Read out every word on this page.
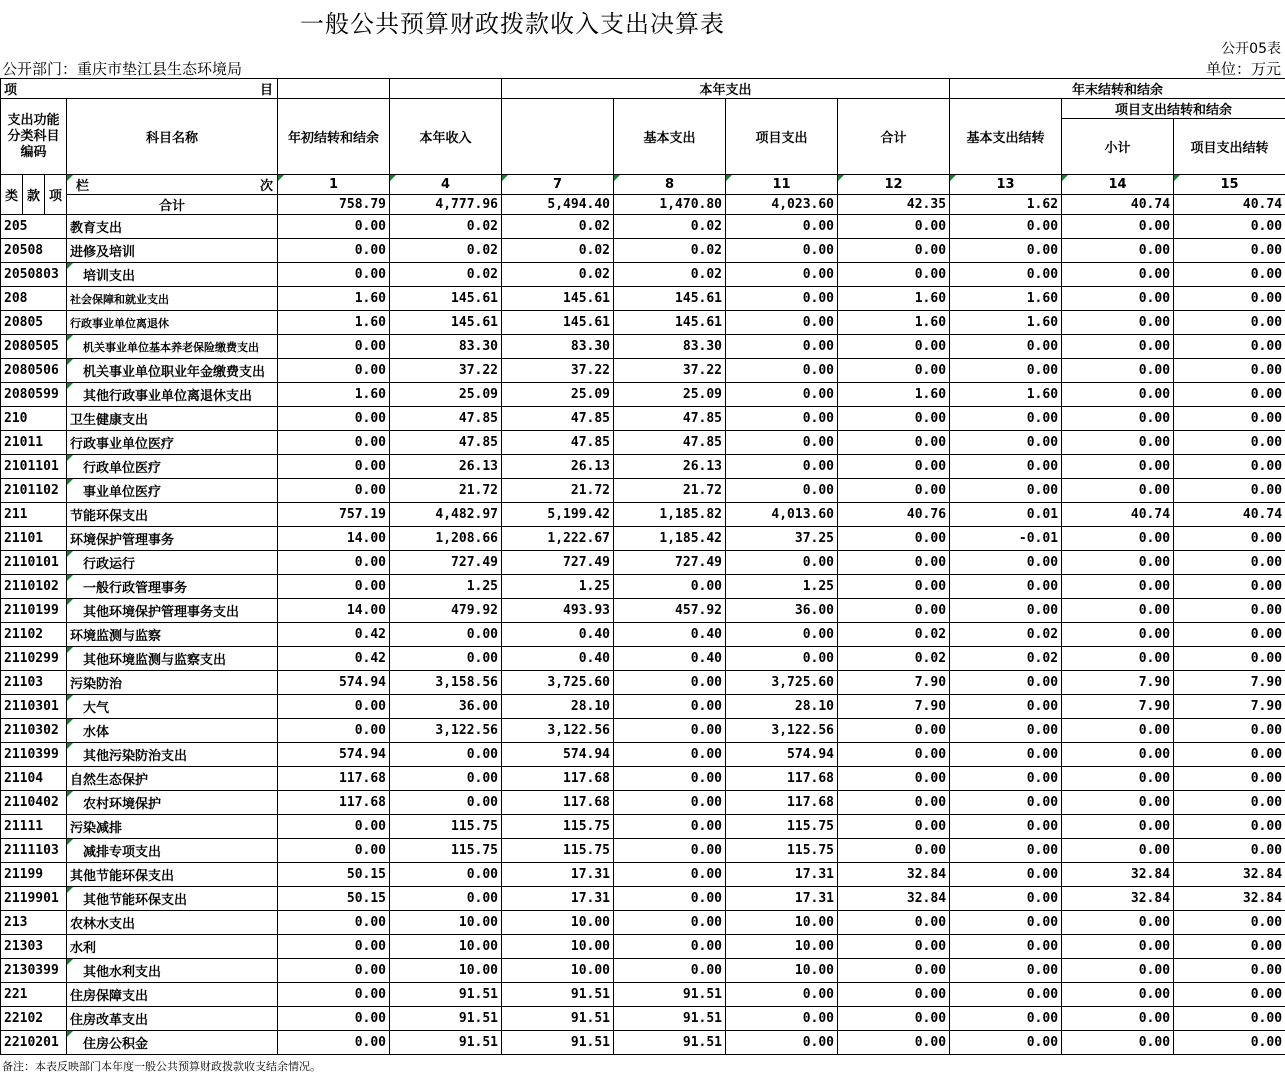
一般公共预算财政拨款收入支出决算表
公开05表
公开部门：重庆市垫江县生态环境局	单位：万元
项 目						本年支出				年末结转和结余		

支出功能分类科目编码			科目名称	年初结转和结余	本年收入		基本支出	项目支出	合计	基本支出结转	项目支出结转和结余	
											小计	项目支出结转
类	款	项	栏 次	1	4	7	8	11	12	13	14	15
			合计	758.79	4,777.96	5,494.40	1,470.80	4,023.60	42.35	1.62	40.74	40.74
205			教育支出	0.00	0.02	0.02	0.02	0.00	0.00	0.00	0.00	0.00
20508			进修及培训	0.00	0.02	0.02	0.02	0.00	0.00	0.00	0.00	0.00
2050803			培训支出	0.00	0.02	0.02	0.02	0.00	0.00	0.00	0.00	0.00
208			社会保障和就业支出	1.60	145.61	145.61	145.61	0.00	1.60	1.60	0.00	0.00
20805			行政事业单位离退休	1.60	145.61	145.61	145.61	0.00	1.60	1.60	0.00	0.00
2080505			机关事业单位基本养老保险缴费支出	0.00	83.30	83.30	83.30	0.00	0.00	0.00	0.00	0.00
2080506			机关事业单位职业年金缴费支出	0.00	37.22	37.22	37.22	0.00	0.00	0.00	0.00	0.00
2080599			其他行政事业单位离退休支出	1.60	25.09	25.09	25.09	0.00	1.60	1.60	0.00	0.00
210			卫生健康支出	0.00	47.85	47.85	47.85	0.00	0.00	0.00	0.00	0.00
21011			行政事业单位医疗	0.00	47.85	47.85	47.85	0.00	0.00	0.00	0.00	0.00
2101101			行政单位医疗	0.00	26.13	26.13	26.13	0.00	0.00	0.00	0.00	0.00
2101102			事业单位医疗	0.00	21.72	21.72	21.72	0.00	0.00	0.00	0.00	0.00
211			节能环保支出	757.19	4,482.97	5,199.42	1,185.82	4,013.60	40.76	0.01	40.74	40.74
21101			环境保护管理事务	14.00	1,208.66	1,222.67	1,185.42	37.25	0.00	-0.01	0.00	0.00
2110101			行政运行	0.00	727.49	727.49	727.49	0.00	0.00	0.00	0.00	0.00
2110102			一般行政管理事务	0.00	1.25	1.25	0.00	1.25	0.00	0.00	0.00	0.00
2110199			其他环境保护管理事务支出	14.00	479.92	493.93	457.92	36.00	0.00	0.00	0.00	0.00
21102			环境监测与监察	0.42	0.00	0.40	0.40	0.00	0.02	0.02	0.00	0.00
2110299			其他环境监测与监察支出	0.42	0.00	0.40	0.40	0.00	0.02	0.02	0.00	0.00
21103			污染防治	574.94	3,158.56	3,725.60	0.00	3,725.60	7.90	0.00	7.90	7.90
2110301			大气	0.00	36.00	28.10	0.00	28.10	7.90	0.00	7.90	7.90
2110302			水体	0.00	3,122.56	3,122.56	0.00	3,122.56	0.00	0.00	0.00	0.00
2110399			其他污染防治支出	574.94	0.00	574.94	0.00	574.94	0.00	0.00	0.00	0.00
21104			自然生态保护	117.68	0.00	117.68	0.00	117.68	0.00	0.00	0.00	0.00
2110402			农村环境保护	117.68	0.00	117.68	0.00	117.68	0.00	0.00	0.00	0.00
21111			污染减排	0.00	115.75	115.75	0.00	115.75	0.00	0.00	0.00	0.00
2111103			减排专项支出	0.00	115.75	115.75	0.00	115.75	0.00	0.00	0.00	0.00
21199			其他节能环保支出	50.15	0.00	17.31	0.00	17.31	32.84	0.00	32.84	32.84
2119901			其他节能环保支出	50.15	0.00	17.31	0.00	17.31	32.84	0.00	32.84	32.84
213			农林水支出	0.00	10.00	10.00	0.00	10.00	0.00	0.00	0.00	0.00
21303			水利	0.00	10.00	10.00	0.00	10.00	0.00	0.00	0.00	0.00
2130399			其他水利支出	0.00	10.00	10.00	0.00	10.00	0.00	0.00	0.00	0.00
221			住房保障支出	0.00	91.51	91.51	91.51	0.00	0.00	0.00	0.00	0.00
22102			住房改革支出	0.00	91.51	91.51	91.51	0.00	0.00	0.00	0.00	0.00
2210201			住房公积金	0.00	91.51	91.51	91.51	0.00	0.00	0.00	0.00	0.00
备注：本表反映部门本年度一般公共预算财政拨款收支结余情况。
